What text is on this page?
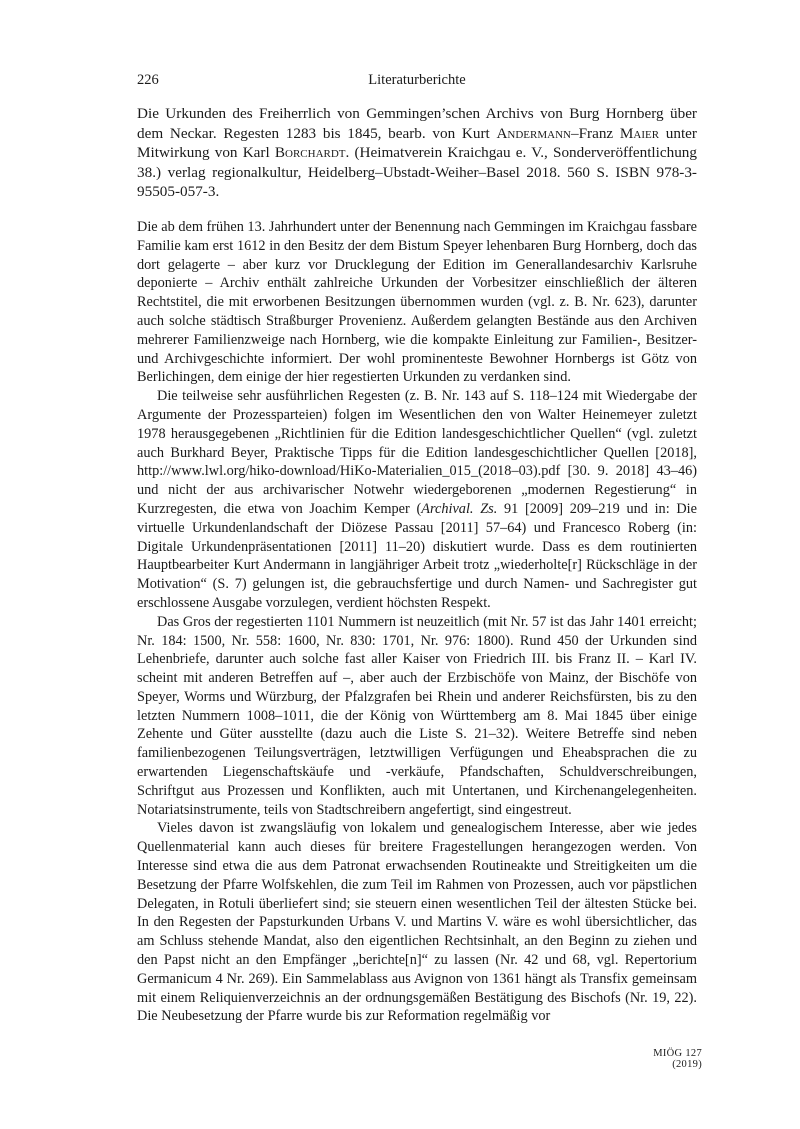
226	Literaturberichte

Die Urkunden des Freiherrlich von Gemmingen’schen Archivs von Burg Hornberg über dem Neckar. Regesten 1283 bis 1845, bearb. von Kurt Andermann–Franz Maier unter Mitwirkung von Karl Borchardt. (Heimatverein Kraichgau e. V., Sonderveröffentlichung 38.) verlag regionalkultur, Heidelberg–Ubstadt-Weiher–Basel 2018. 560 S. ISBN 978-3-95505-057-3.

Die ab dem frühen 13. Jahrhundert unter der Benennung nach Gemmingen im Kraichgau fassbare Familie kam erst 1612 in den Besitz der dem Bistum Speyer lehenbaren Burg Hornberg, doch das dort gelagerte – aber kurz vor Drucklegung der Edition im Generallandesarchiv Karlsruhe deponierte – Archiv enthält zahlreiche Urkunden der Vorbesitzer einschließlich der älteren Rechtstitel, die mit erworbenen Besitzungen übernommen wurden (vgl. z. B. Nr. 623), darunter auch solche städtisch Straßburger Provenienz. Außerdem gelangten Bestände aus den Archiven mehrerer Familienzweige nach Hornberg, wie die kompakte Einleitung zur Familien-, Besitzer- und Archivgeschichte informiert. Der wohl prominenteste Bewohner Hornbergs ist Götz von Berlichingen, dem einige der hier regestierten Urkunden zu verdanken sind.

Die teilweise sehr ausführlichen Regesten (z. B. Nr. 143 auf S. 118–124 mit Wiedergabe der Argumente der Prozessparteien) folgen im Wesentlichen den von Walter Heinemeyer zuletzt 1978 herausgegebenen „Richtlinien für die Edition landesgeschichtlicher Quellen“ (vgl. zuletzt auch Burkhard Beyer, Praktische Tipps für die Edition landesgeschichtlicher Quellen [2018], http://www.lwl.org/hiko-download/HiKo-Materialien_015_(2018–03).pdf [30. 9. 2018] 43–46) und nicht der aus archivarischer Notwehr wiedergeborenen „modernen Regestierung“ in Kurzregesten, die etwa von Joachim Kemper (Archival. Zs. 91 [2009] 209–219 und in: Die virtuelle Urkundenlandschaft der Diözese Passau [2011] 57–64) und Francesco Roberg (in: Digitale Urkundenpräsentationen [2011] 11–20) diskutiert wurde. Dass es dem routinierten Hauptbearbeiter Kurt Andermann in langjähriger Arbeit trotz „wiederholte[r] Rückschläge in der Motivation“ (S. 7) gelungen ist, die gebrauchsfertige und durch Namen- und Sachregister gut erschlossene Ausgabe vorzulegen, verdient höchsten Respekt.

Das Gros der regestierten 1101 Nummern ist neuzeitlich (mit Nr. 57 ist das Jahr 1401 erreicht; Nr. 184: 1500, Nr. 558: 1600, Nr. 830: 1701, Nr. 976: 1800). Rund 450 der Urkunden sind Lehenbriefe, darunter auch solche fast aller Kaiser von Friedrich III. bis Franz II. – Karl IV. scheint mit anderen Betreffen auf –, aber auch der Erzbischöfe von Mainz, der Bischöfe von Speyer, Worms und Würzburg, der Pfalzgrafen bei Rhein und anderer Reichsfürsten, bis zu den letzten Nummern 1008–1011, die der König von Württemberg am 8. Mai 1845 über einige Zehente und Güter ausstellte (dazu auch die Liste S. 21–32). Weitere Betreffe sind neben familienbezogenen Teilungsverträgen, letztwilligen Verfügungen und Eheabsprachen die zu erwartenden Liegenschaftskäufe und -verkäufe, Pfandschaften, Schuldverschreibungen, Schriftgut aus Prozessen und Konflikten, auch mit Untertanen, und Kirchenangelegenheiten. Notariatsinstrumente, teils von Stadtschreibern angefertigt, sind eingestreut.

Vieles davon ist zwangsläufig von lokalem und genealogischem Interesse, aber wie jedes Quellenmaterial kann auch dieses für breitere Fragestellungen herangezogen werden. Von Interesse sind etwa die aus dem Patronat erwachsenden Routineakte und Streitigkeiten um die Besetzung der Pfarre Wolfskehlen, die zum Teil im Rahmen von Prozessen, auch vor päpstlichen Delegaten, in Rotuli überliefert sind; sie steuern einen wesentlichen Teil der ältesten Stücke bei. In den Regesten der Papsturkunden Urbans V. und Martins V. wäre es wohl übersichtlicher, das am Schluss stehende Mandat, also den eigentlichen Rechtsinhalt, an den Beginn zu ziehen und den Papst nicht an den Empfänger „berichte[n]“ zu lassen (Nr. 42 und 68, vgl. Repertorium Germanicum 4 Nr. 269). Ein Sammelablass aus Avignon von 1361 hängt als Transfix gemeinsam mit einem Reliquienverzeichnis an der ordnungsgemäßen Bestätigung des Bischofs (Nr. 19, 22). Die Neubesetzung der Pfarre wurde bis zur Reformation regelmäßig vor

MIÖG 127 (2019)
